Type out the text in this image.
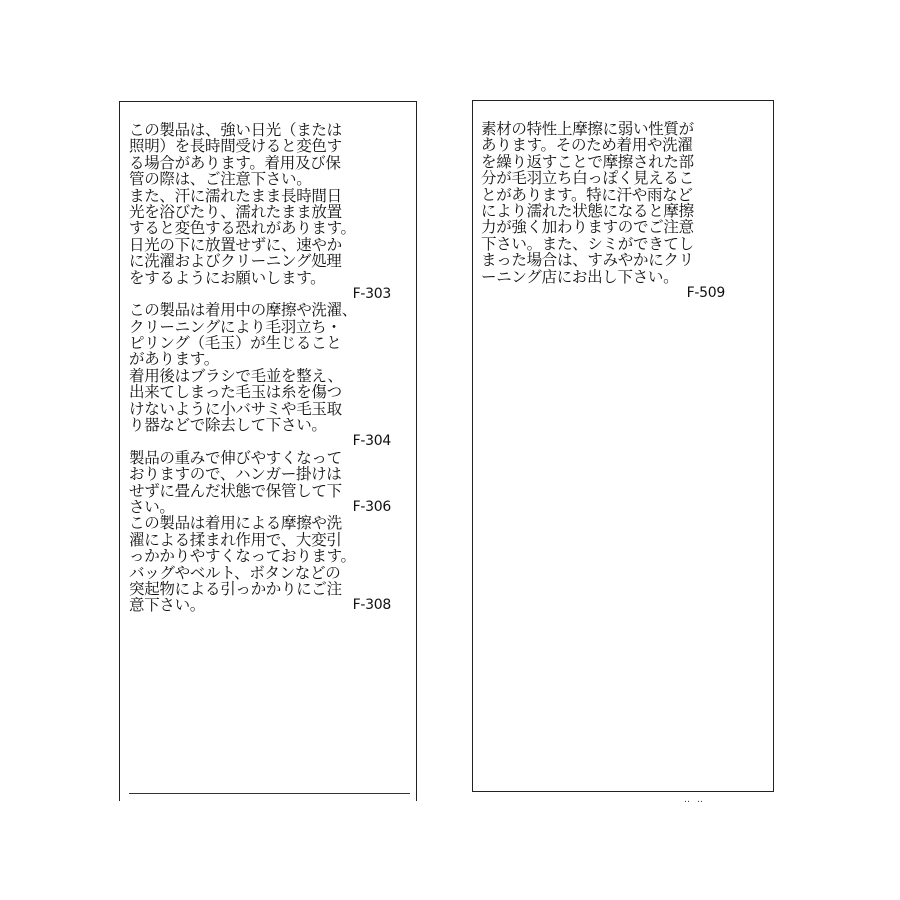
この製品は、強い日光（または
照明）を長時間受けると変色す
る場合があります。着用及び保
管の際は、ご注意下さい。
また、汗に濡れたまま長時間日
光を浴びたり、濡れたまま放置
すると変色する恐れがあります。
日光の下に放置せずに、速やか
に洗濯およびクリーニング処理
をするようにお願いします。
F-303
この製品は着用中の摩擦や洗濯、
クリーニングにより毛羽立ち・
ピリング（毛玉）が生じること
があります。
着用後はブラシで毛並を整え、
出来てしまった毛玉は糸を傷つ
けないように小バサミや毛玉取
り器などで除去して下さい。
F-304
製品の重みで伸びやすくなって
おりますので、ハンガー掛けは
せずに畳んだ状態で保管して下
さい。	F-306
この製品は着用による摩擦や洗
濯による揉まれ作用で、大変引
っかかりやすくなっております。
バッグやベルト、ボタンなどの
突起物による引っかかりにご注
意下さい。	F-308
素材の特性上摩擦に弱い性質が
あります。そのため着用や洗濯
を繰り返すことで摩擦された部
分が毛羽立ち白っぽく見えるこ
とがあります。特に汗や雨など
により濡れた状態になると摩擦
力が強く加わりますのでご注意
下さい。また、シミができてし
まった場合は、すみやかにクリ
ーニング店にお出し下さい。
F-509
‥ ‥
